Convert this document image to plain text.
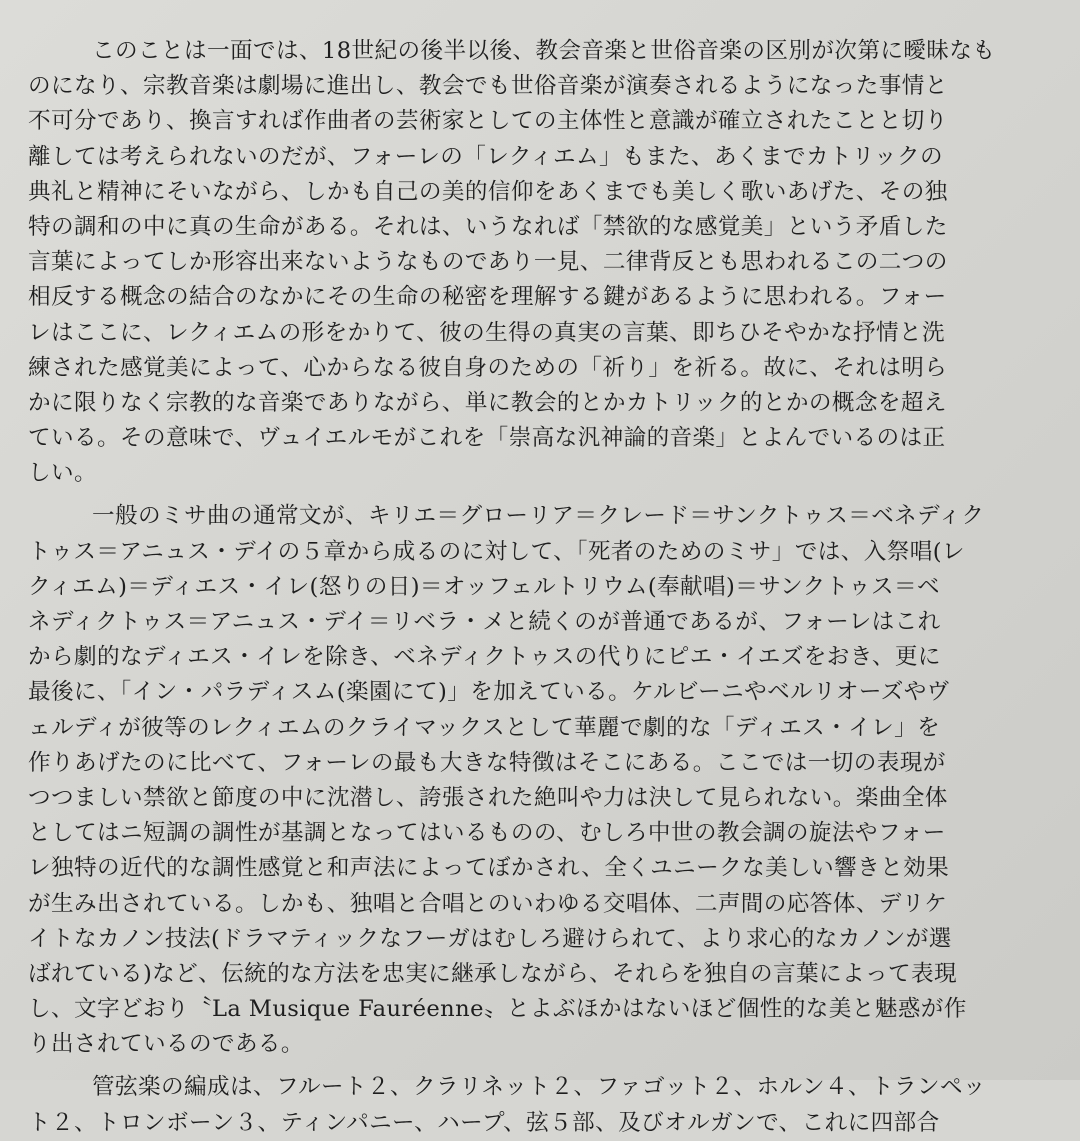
このことは一面では、18世紀の後半以後、教会音楽と世俗音楽の区別が次第に曖昧なも
のになり、宗教音楽は劇場に進出し、教会でも世俗音楽が演奏されるようになった事情と
不可分であり、換言すれば作曲者の芸術家としての主体性と意識が確立されたことと切り
離しては考えられないのだが、フォーレの「レクィエム」もまた、あくまでカトリックの
典礼と精神にそいながら、しかも自己の美的信仰をあくまでも美しく歌いあげた、その独
特の調和の中に真の生命がある。それは、いうなれば「禁欲的な感覚美」という矛盾した
言葉によってしか形容出来ないようなものであり一見、二律背反とも思われるこの二つの
相反する概念の結合のなかにその生命の秘密を理解する鍵があるように思われる。フォー
レはここに、レクィエムの形をかりて、彼の生得の真実の言葉、即ちひそやかな抒情と洗
練された感覚美によって、心からなる彼自身のための「祈り」を祈る。故に、それは明ら
かに限りなく宗教的な音楽でありながら、単に教会的とかカトリック的とかの概念を超え
ている。その意味で、ヴュイエルモがこれを「崇高な汎神論的音楽」とよんでいるのは正
しい。
一般のミサ曲の通常文が、キリエ＝グローリア＝クレード＝サンクトゥス＝ベネディク
トゥス＝アニュス・デイの５章から成るのに対して、「死者のためのミサ」では、入祭唱(レ
クィエム)＝ディエス・イレ(怒りの日)＝オッフェルトリウム(奉献唱)＝サンクトゥス＝ベ
ネディクトゥス＝アニュス・デイ＝リベラ・メと続くのが普通であるが、フォーレはこれ
から劇的なディエス・イレを除き、ベネディクトゥスの代りにピエ・イエズをおき、更に
最後に、「イン・パラディスム(楽園にて)」を加えている。ケルビーニやベルリオーズやヴ
ェルディが彼等のレクィエムのクライマックスとして華麗で劇的な「ディエス・イレ」を
作りあげたのに比べて、フォーレの最も大きな特徴はそこにある。ここでは一切の表現が
つつましい禁欲と節度の中に沈潜し、誇張された絶叫や力は決して見られない。楽曲全体
としてはニ短調の調性が基調となってはいるものの、むしろ中世の教会調の旋法やフォー
レ独特の近代的な調性感覚と和声法によってぼかされ、全くユニークな美しい響きと効果
が生み出されている。しかも、独唱と合唱とのいわゆる交唱体、二声間の応答体、デリケ
イトなカノン技法(ドラマティックなフーガはむしろ避けられて、より求心的なカノンが選
ばれている)など、伝統的な方法を忠実に継承しながら、それらを独自の言葉によって表現
し、文字どおり〝La Musique Fauréenne〟とよぶほかはないほど個性的な美と魅惑が作
り出されているのである。
管弦楽の編成は、フルート２、クラリネット２、ファゴット２、ホルン４、トランペッ
ト２、トロンボーン３、ティンパニー、ハープ、弦５部、及びオルガンで、これに四部合
